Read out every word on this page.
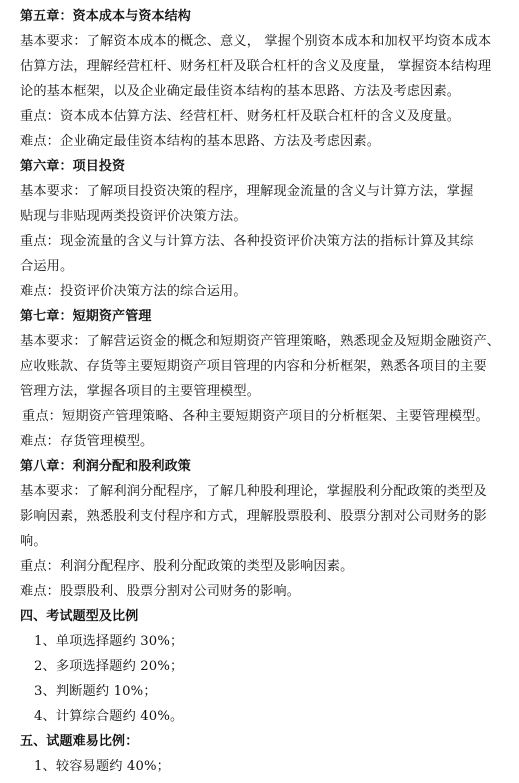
第五章：资本成本与资本结构
基本要求：了解资本成本的概念、意义， 掌握个别资本成本和加权平均资本成本
估算方法，理解经营杠杆、财务杠杆及联合杠杆的含义及度量， 掌握资本结构理
论的基本框架，以及企业确定最佳资本结构的基本思路、方法及考虑因素。
重点：资本成本估算方法、经营杠杆、财务杠杆及联合杠杆的含义及度量。
难点：企业确定最佳资本结构的基本思路、方法及考虑因素。
第六章：项目投资
基本要求：了解项目投资决策的程序，理解现金流量的含义与计算方法，掌握
贴现与非贴现两类投资评价决策方法。
重点：现金流量的含义与计算方法、各种投资评价决策方法的指标计算及其综
合运用。
难点：投资评价决策方法的综合运用。
第七章：短期资产管理
基本要求：了解营运资金的概念和短期资产管理策略，熟悉现金及短期金融资产、
应收账款、存货等主要短期资产项目管理的内容和分析框架，熟悉各项目的主要
管理方法，掌握各项目的主要管理模型。
重点：短期资产管理策略、各种主要短期资产项目的分析框架、主要管理模型。
难点：存货管理模型。
第八章：利润分配和股利政策
基本要求：了解利润分配程序，了解几种股利理论，掌握股利分配政策的类型及
影响因素，熟悉股利支付程序和方式，理解股票股利、股票分割对公司财务的影
响。
重点：利润分配程序、股利分配政策的类型及影响因素。
难点：股票股利、股票分割对公司财务的影响。
四、考试题型及比例
1、单项选择题约 30%；
2、多项选择题约 20%；
3、判断题约 10%；
4、计算综合题约 40%。
五、试题难易比例：
1、较容易题约 40%；
